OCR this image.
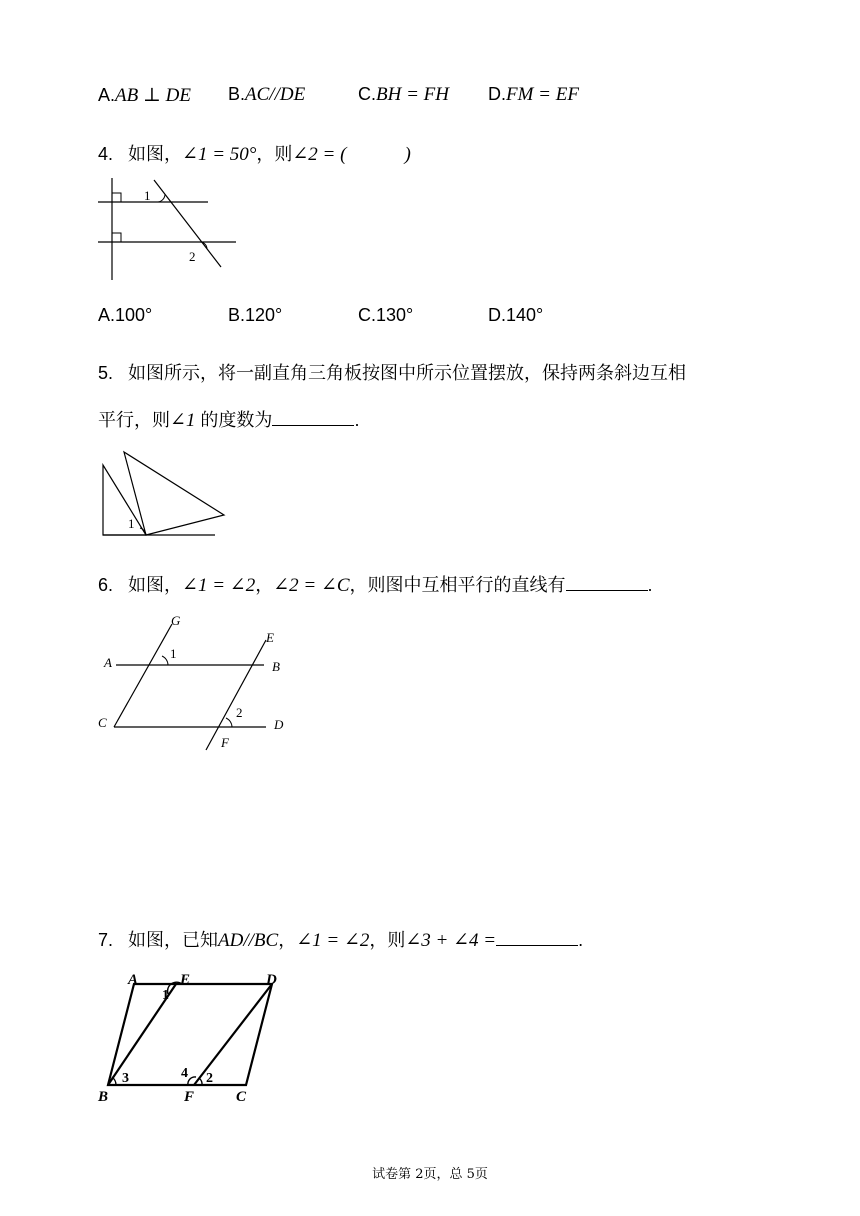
A.AB ⊥ DE B.AC//DE	C.BH = FH D.FM = EF
4. 如图，∠1 = 50°，则∠2 = (	)
1
2
A.100°	B.120°	C.130°	D.140°
5. 如图所示，将一副直角三角板按图中所示位置摆放，保持两条斜边互相
平行，则∠1 的度数为	.
1
6. 如图，∠1 = ∠2，∠2 = ∠C，则图中互相平行的直线有	.
G
E
A	B
1
C
2
D
F
7. 如图，已知AD//BC，∠1 = ∠2，则∠3 + ∠4 =	.
A	E	D
1
B
3	4 2
F	C
试卷第 2页，总 5页
